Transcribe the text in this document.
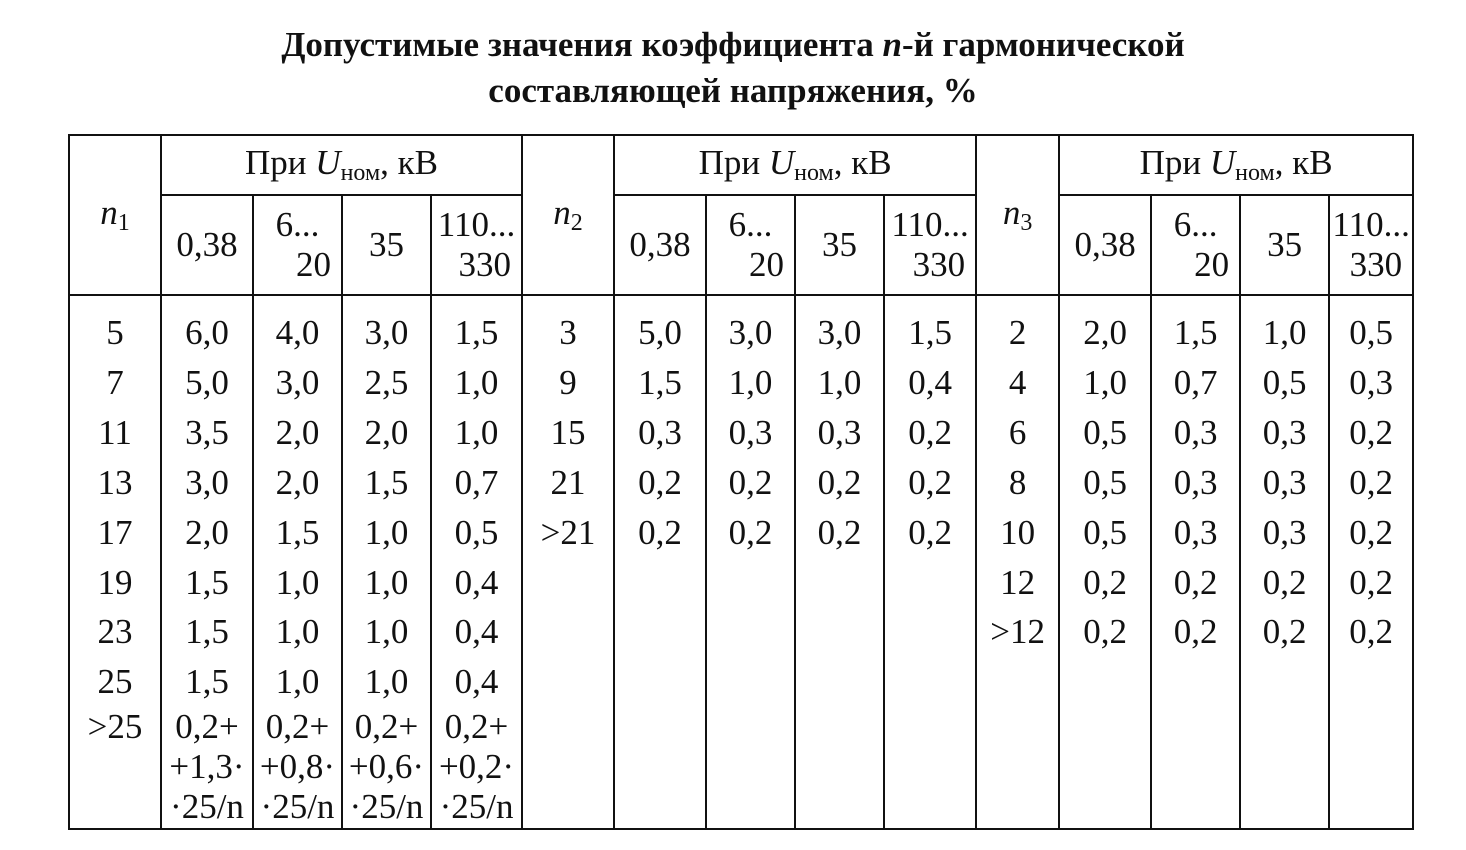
Допустимые значения коэффициента n-й гармонической
составляющей напряжения, %
$n_1$	При $U_{ном}$, кВ				$n_2$	При $U_{ном}$, кВ				$n_3$	При $U_{ном}$, кВ			

	0,38	6...
20	35	110...
330		0,38	6...
20	35	110...
330		0,38	6...
20	35	110...
330

5	6,0	4,0	3,0	1,5	3	5,0	3,0	3,0	1,5	2	2,0	1,5	1,0	0,5
7	5,0	3,0	2,5	1,0	9	1,5	1,0	1,0	0,4	4	1,0	0,7	0,5	0,3
11	3,5	2,0	2,0	1,0	15	0,3	0,3	0,3	0,2	6	0,5	0,3	0,3	0,2
13	3,0	2,0	1,5	0,7	21	0,2	0,2	0,2	0,2	8	0,5	0,3	0,3	0,2
17	2,0	1,5	1,0	0,5	>21	0,2	0,2	0,2	0,2	10	0,5	0,3	0,3	0,2
19	1,5	1,0	1,0	0,4						12	0,2	0,2	0,2	0,2
23	1,5	1,0	1,0	0,4						>12	0,2	0,2	0,2	0,2
25	1,5	1,0	1,0	0,4										
>25	0,2+
+1,3·
·25/n	0,2+
+0,8·
·25/n	0,2+
+0,6·
·25/n	0,2+
+0,2·
·25/n										
